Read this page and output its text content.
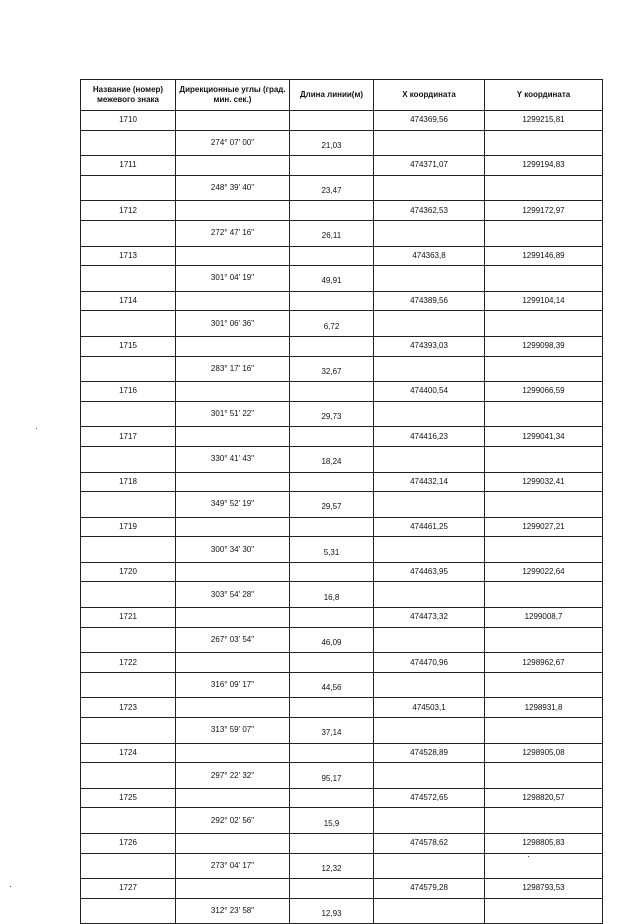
Название (номер) межевого знака	Дирекционные углы (град. мин. сек.)	Длина линии(м)	X координата	Y координата
1710			474369,56	1299215,81
	274° 07' 00"	21,03		
1711			474371,07	1299194,83
	248° 39' 40"	23,47		
1712			474362,53	1299172,97
	272° 47' 16"	26,11		
1713			474363,8	1299146,89
	301° 04' 19"	49,91		
1714			474389,56	1299104,14
	301° 06' 36"	6,72		
1715			474393,03	1299098,39
	283° 17' 16"	32,67		
1716			474400,54	1299066,59
	301° 51' 22"	29,73		
1717			474416,23	1299041,34
	330° 41' 43"	18,24		
1718			474432,14	1299032,41
	349° 52' 19"	29,57		
1719			474461,25	1299027,21
	300° 34' 30"	5,31		
1720			474463,95	1299022,64
	303° 54' 28"	16,8		
1721			474473,32	1299008,7
	267° 03' 54"	46,09		
1722			474470,96	1298962,67
	316° 09' 17"	44,56		
1723			474503,1	1298931,8
	313° 59' 07"	37,14		
1724			474528,89	1298905,08
	297° 22' 32"	95,17		
1725			474572,65	1298820,57
	292° 02' 56"	15,9		
1726			474578,62	1298805,83
	273° 04' 17"	12,32		
1727			474579,28	1298793,53
	312° 23' 58"	12,93		
